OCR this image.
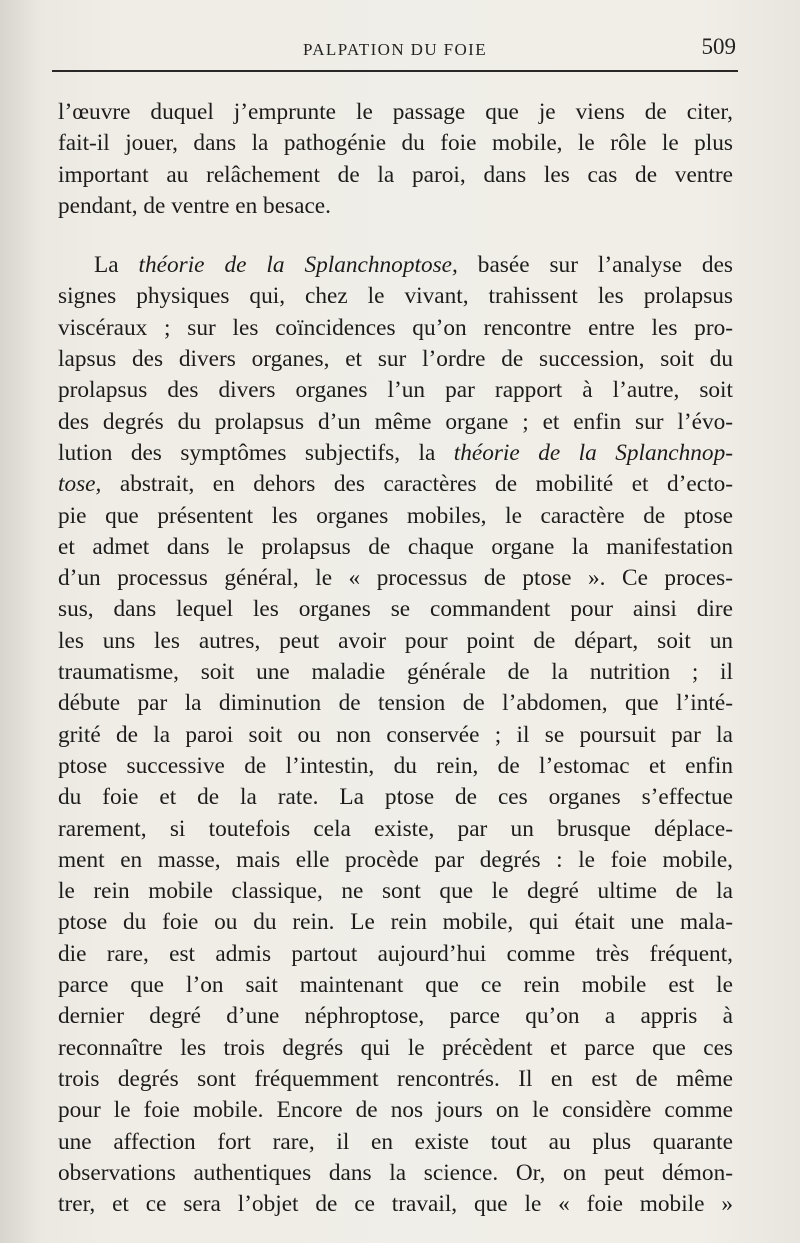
PALPATION DU FOIE	509
l’œuvre duquel j’emprunte le passage que je viens de citer,
fait-il jouer, dans la pathogénie du foie mobile, le rôle le plus
important au relâchement de la paroi, dans les cas de ventre
pendant, de ventre en besace.
La théorie de la Splanchnoptose, basée sur l’analyse des
signes physiques qui, chez le vivant, trahissent les prolapsus
viscéraux ; sur les coïncidences qu’on rencontre entre les pro-
lapsus des divers organes, et sur l’ordre de succession, soit du
prolapsus des divers organes l’un par rapport à l’autre, soit
des degrés du prolapsus d’un même organe ; et enfin sur l’évo-
lution des symptômes subjectifs, la théorie de la Splanchnop-
tose, abstrait, en dehors des caractères de mobilité et d’ecto-
pie que présentent les organes mobiles, le caractère de ptose
et admet dans le prolapsus de chaque organe la manifestation
d’un processus général, le « processus de ptose ». Ce proces-
sus, dans lequel les organes se commandent pour ainsi dire
les uns les autres, peut avoir pour point de départ, soit un
traumatisme, soit une maladie générale de la nutrition ; il
débute par la diminution de tension de l’abdomen, que l’inté-
grité de la paroi soit ou non conservée ; il se poursuit par la
ptose successive de l’intestin, du rein, de l’estomac et enfin
du foie et de la rate. La ptose de ces organes s’effectue
rarement, si toutefois cela existe, par un brusque déplace-
ment en masse, mais elle procède par degrés : le foie mobile,
le rein mobile classique, ne sont que le degré ultime de la
ptose du foie ou du rein. Le rein mobile, qui était une mala-
die rare, est admis partout aujourd’hui comme très fréquent,
parce que l’on sait maintenant que ce rein mobile est le
dernier degré d’une néphroptose, parce qu’on a appris à
reconnaître les trois degrés qui le précèdent et parce que ces
trois degrés sont fréquemment rencontrés. Il en est de même
pour le foie mobile. Encore de nos jours on le considère comme
une affection fort rare, il en existe tout au plus quarante
observations authentiques dans la science. Or, on peut démon-
trer, et ce sera l’objet de ce travail, que le « foie mobile »
